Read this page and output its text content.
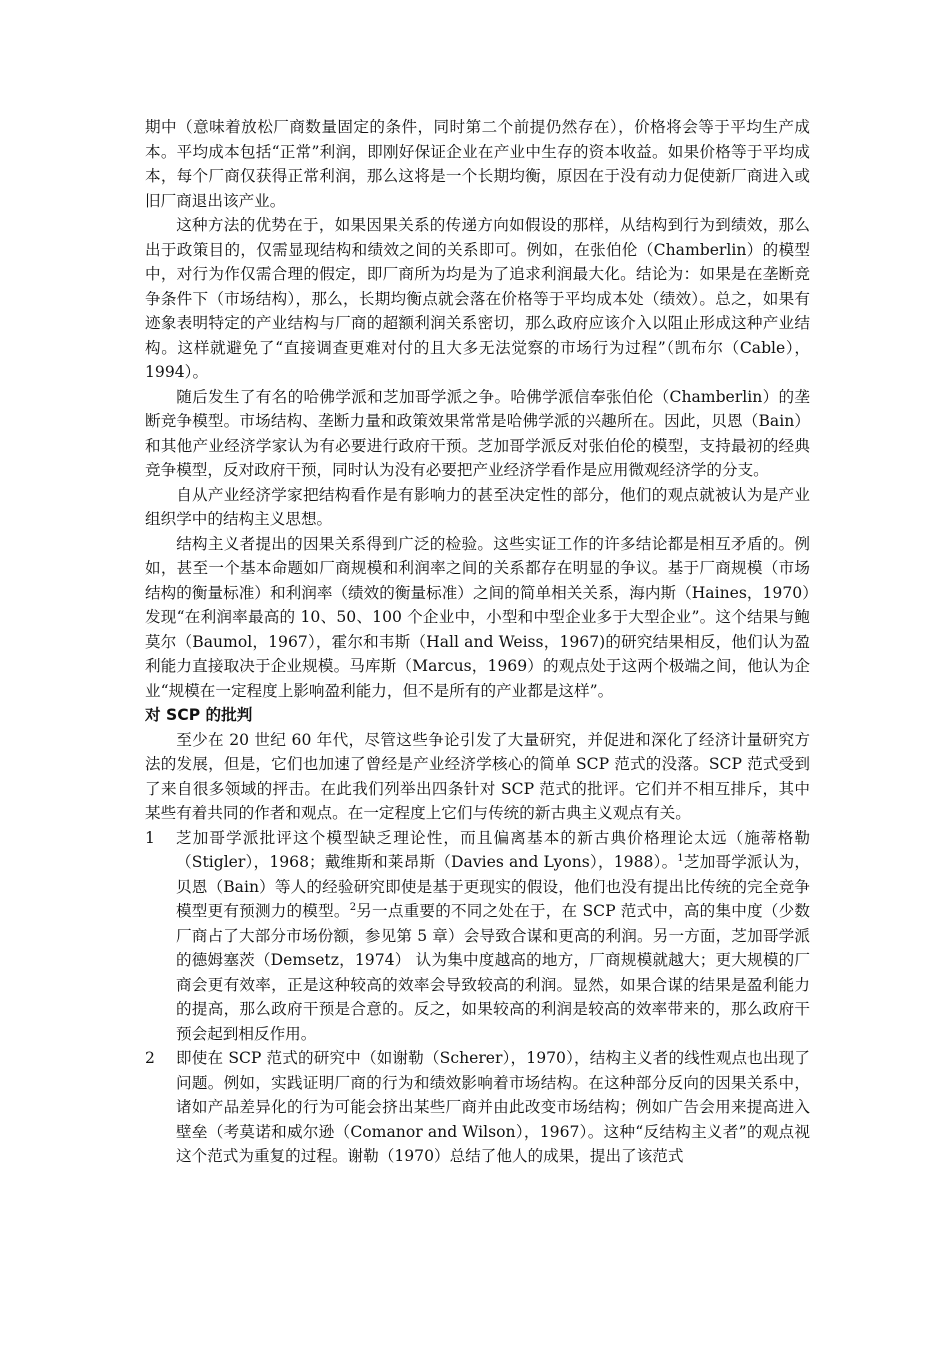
期中（意味着放松厂商数量固定的条件，同时第二个前提仍然存在），价格将会等于平均生产成本。平均成本包括“正常”利润，即刚好保证企业在产业中生存的资本收益。如果价格等于平均成本，每个厂商仅获得正常利润，那么这将是一个长期均衡，原因在于没有动力促使新厂商进入或旧厂商退出该产业。

这种方法的优势在于，如果因果关系的传递方向如假设的那样，从结构到行为到绩效，那么出于政策目的，仅需显现结构和绩效之间的关系即可。例如，在张伯伦（Chamberlin）的模型中，对行为作仅需合理的假定，即厂商所为均是为了追求利润最大化。结论为：如果是在垄断竞争条件下（市场结构），那么，长期均衡点就会落在价格等于平均成本处（绩效）。总之，如果有迹象表明特定的产业结构与厂商的超额利润关系密切，那么政府应该介入以阻止形成这种产业结构。这样就避免了“直接调查更难对付的且大多无法觉察的市场行为过程”（凯布尔（Cable），1994）。

随后发生了有名的哈佛学派和芝加哥学派之争。哈佛学派信奉张伯伦（Chamberlin）的垄断竞争模型。市场结构、垄断力量和政策效果常常是哈佛学派的兴趣所在。因此，贝恩（Bain）和其他产业经济学家认为有必要进行政府干预。芝加哥学派反对张伯伦的模型，支持最初的经典竞争模型，反对政府干预，同时认为没有必要把产业经济学看作是应用微观经济学的分支。

自从产业经济学家把结构看作是有影响力的甚至决定性的部分，他们的观点就被认为是产业组织学中的结构主义思想。

结构主义者提出的因果关系得到广泛的检验。这些实证工作的许多结论都是相互矛盾的。例如，甚至一个基本命题如厂商规模和利润率之间的关系都存在明显的争议。基于厂商规模（市场结构的衡量标准）和利润率（绩效的衡量标准）之间的简单相关关系，海内斯（Haines，1970）发现“在利润率最高的 10、50、100 个企业中，小型和中型企业多于大型企业”。这个结果与鲍莫尔（Baumol，1967），霍尔和韦斯（Hall and Weiss，1967)的研究结果相反，他们认为盈利能力直接取决于企业规模。马库斯（Marcus，1969）的观点处于这两个极端之间，他认为企业“规模在一定程度上影响盈利能力，但不是所有的产业都是这样”。

对 SCP 的批判

至少在 20 世纪 60 年代，尽管这些争论引发了大量研究，并促进和深化了经济计量研究方法的发展，但是，它们也加速了曾经是产业经济学核心的简单 SCP 范式的没落。SCP 范式受到了来自很多领域的抨击。在此我们列举出四条针对 SCP 范式的批评。它们并不相互排斥，其中某些有着共同的作者和观点。在一定程度上它们与传统的新古典主义观点有关。

1	芝加哥学派批评这个模型缺乏理论性，而且偏离基本的新古典价格理论太远（施蒂格勒（Stigler），1968；戴维斯和莱昂斯（Davies and Lyons），1988）。$^1$芝加哥学派认为，贝恩（Bain）等人的经验研究即使是基于更现实的假设，他们也没有提出比传统的完全竞争模型更有预测力的模型。$^2$另一点重要的不同之处在于，在 SCP 范式中，高的集中度（少数厂商占了大部分市场份额，参见第 5 章）会导致合谋和更高的利润。另一方面，芝加哥学派的德姆塞茨（Demsetz，1974） 认为集中度越高的地方，厂商规模就越大；更大规模的厂商会更有效率，正是这种较高的效率会导致较高的利润。显然，如果合谋的结果是盈利能力的提高，那么政府干预是合意的。反之，如果较高的利润是较高的效率带来的，那么政府干预会起到相反作用。
2	即使在 SCP 范式的研究中（如谢勒（Scherer），1970），结构主义者的线性观点也出现了问题。例如，实践证明厂商的行为和绩效影响着市场结构。在这种部分反向的因果关系中，诸如产品差异化的行为可能会挤出某些厂商并由此改变市场结构；例如广告会用来提高进入壁垒（考莫诺和威尔逊（Comanor and Wilson），1967）。这种“反结构主义者”的观点视这个范式为重复的过程。谢勒（1970）总结了他人的成果，提出了该范式
